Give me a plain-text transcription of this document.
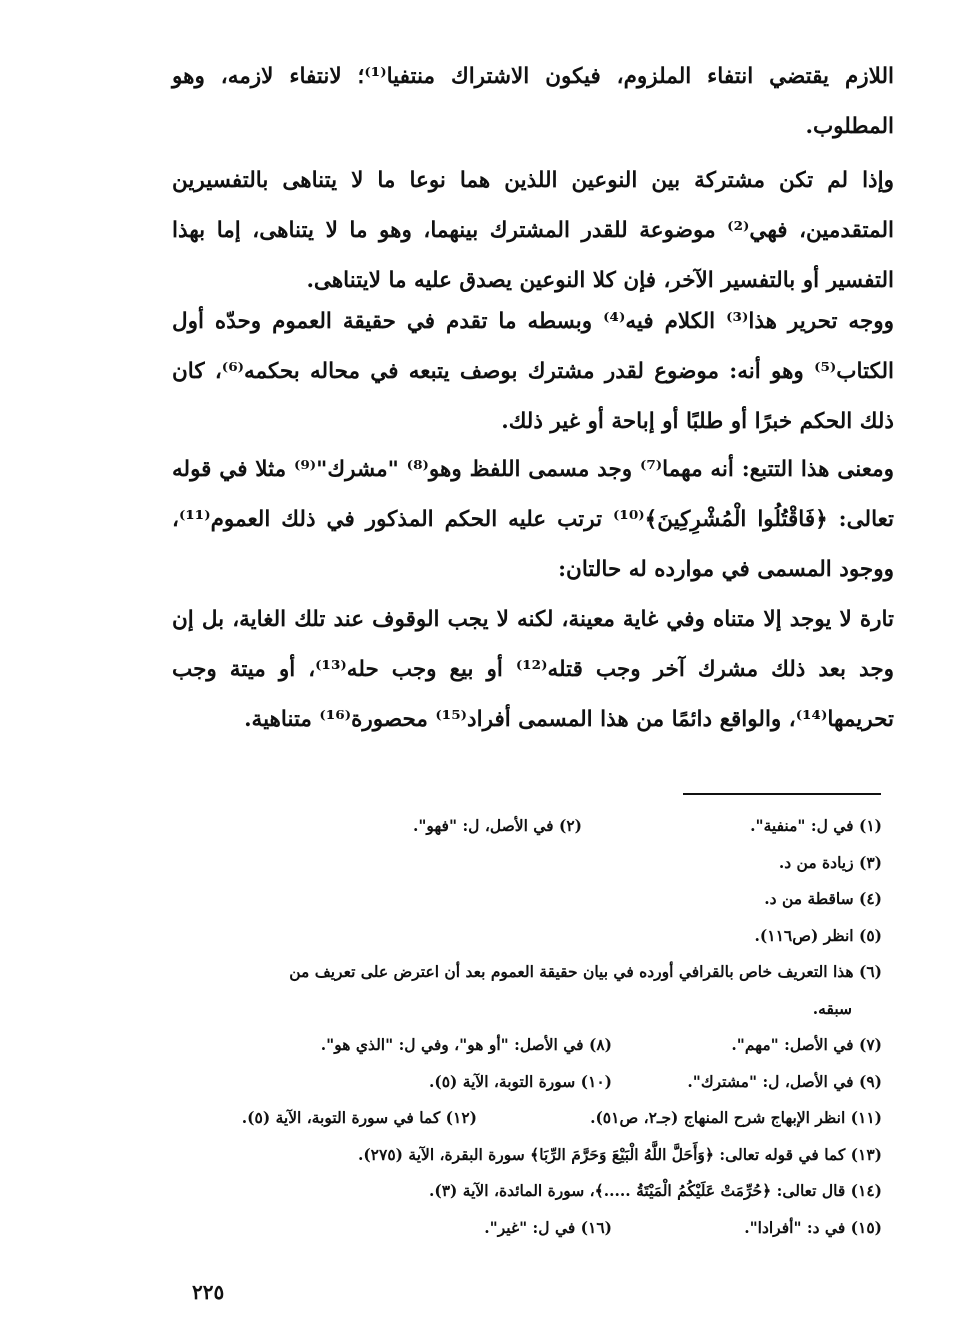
اللازم يقتضي انتفاء الملزوم، فيكون الاشتراك منتفيا⁽¹⁾؛ لانتفاء لازمه، وهو المطلوب.

وإذا لم تكن مشتركة بين النوعين اللذين هما نوعا ما لا يتناهى بالتفسيرين المتقدمين، فهي⁽²⁾ موضوعة للقدر المشترك بينهما، وهو ما لا يتناهى، إما بهذا التفسير أو بالتفسير الآخر، فإن كلا النوعين يصدق عليه ما لايتناهى.

ووجه تحرير هذا⁽³⁾ الكلام فيه⁽⁴⁾ وبسطه ما تقدم في حقيقة العموم وحدّه أول الكتاب⁽⁵⁾ وهو أنه: موضوع لقدر مشترك بوصف يتبعه في محاله بحكمه⁽⁶⁾، كان ذلك الحكم خبرًا أو طلبًا أو إباحة أو غير ذلك.

ومعنى هذا التتبع: أنه مهما⁽⁷⁾ وجد مسمى اللفظ وهو⁽⁸⁾ "مشرك"⁽⁹⁾ مثلا في قوله تعالى: ﴿فَاقْتُلُوا الْمُشْرِكِينَ﴾⁽¹⁰⁾ ترتب عليه الحكم المذكور في ذلك العموم⁽¹¹⁾، ووجود المسمى في موارده له حالتان:

تارة لا يوجد إلا متناه وفي غاية معينة، لكنه لا يجب الوقوف عند تلك الغاية، بل إن وجد بعد ذلك مشرك آخر وجب قتله⁽¹²⁾ أو بيع وجب حله⁽¹³⁾، أو ميتة وجب تحريمها⁽¹⁴⁾، والواقع دائمًا من هذا المسمى أفراد⁽¹⁵⁾ محصورة⁽¹⁶⁾ متناهية.

(١) في ل: "منفية".
(٢) في الأصل، ل: "فهو".
(٣) زيادة من د.
(٤) ساقطة من د.
(٥) انظر (ص١١٦).
(٦) هذا التعريف خاص بالقرافي أورده في بيان حقيقة العموم بعد أن اعترض على تعريف من
سبقه.
(٧) في الأصل: "مهم".
(٨) في الأصل: "أو هو"، وفي ل: "الذي هو".
(٩) في الأصل، ل: "مشترك".
(١٠) سورة التوبة، الآية (٥).
(١١) انظر الإبهاج شرح المنهاج (جـ٢، ص٥١).
(١٢) كما في سورة التوبة، الآية (٥).
(١٣) كما في قوله تعالى: ﴿وَأَحَلَّ اللَّهُ الْبَيْعَ وَحَرَّمَ الرِّبَا﴾ سورة البقرة، الآية (٢٧٥).
(١٤) قال تعالى: ﴿حُرِّمَتْ عَلَيْكُمُ الْمَيْتَةُ .....﴾، سورة المائدة، الآية (٣).
(١٥) في د: "أفرادا".
(١٦) في ل: "غير".
٢٢٥
